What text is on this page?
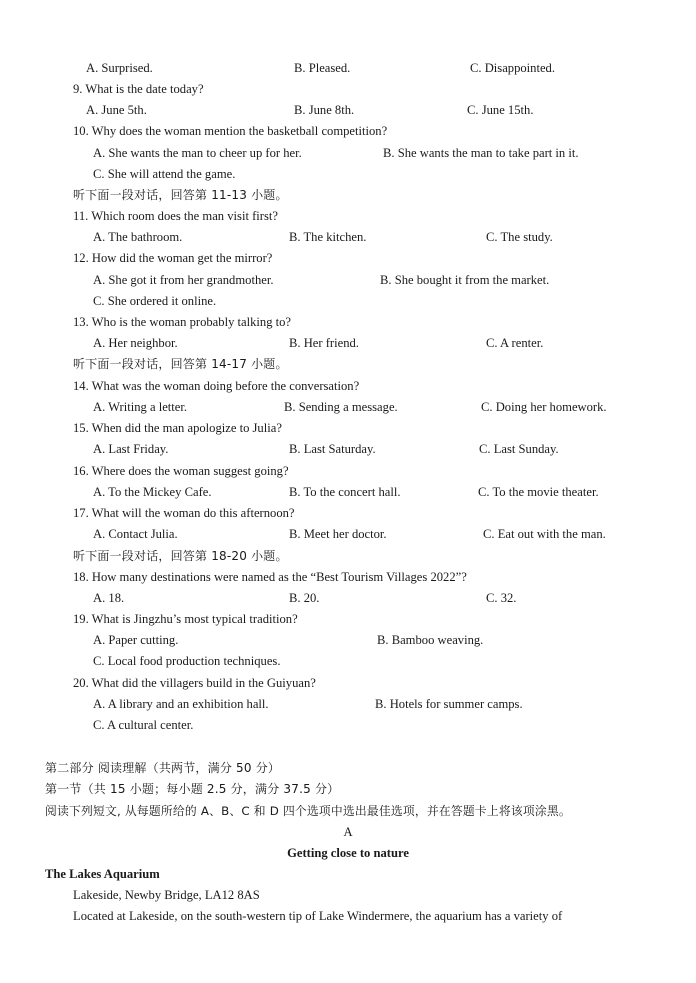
A. Surprised.	B. Pleased.	C. Disappointed.
9. What is the date today?
A. June 5th.	B. June 8th.	C. June 15th.
10. Why does the woman mention the basketball competition?
A. She wants the man to cheer up for her.	B. She wants the man to take part in it.
C. She will attend the game.
听下面一段对话，回答第 11-13 小题。
11. Which room does the man visit first?
A. The bathroom.	B. The kitchen.	C. The study.
12. How did the woman get the mirror?
A. She got it from her grandmother.	B. She bought it from the market.
C. She ordered it online.
13. Who is the woman probably talking to?
A. Her neighbor.	B. Her friend.	C. A renter.
听下面一段对话，回答第 14-17 小题。
14. What was the woman doing before the conversation?
A. Writing a letter.	B. Sending a message.	C. Doing her homework.
15. When did the man apologize to Julia?
A. Last Friday.	B. Last Saturday.	C. Last Sunday.
16. Where does the woman suggest going?
A. To the Mickey Cafe.	B. To the concert hall.	C. To the movie theater.
17. What will the woman do this afternoon?
A. Contact Julia.	B. Meet her doctor.	C. Eat out with the man.
听下面一段对话，回答第 18-20 小题。
18. How many destinations were named as the “Best Tourism Villages 2022”?
A. 18.	B. 20.	C. 32.
19. What is Jingzhu’s most typical tradition?
A. Paper cutting.	B. Bamboo weaving.
C. Local food production techniques.
20. What did the villagers build in the Guiyuan?
A. A library and an exhibition hall.	B. Hotels for summer camps.
C. A cultural center.
第二部分 阅读理解（共两节，满分 50 分）
第一节（共 15 小题；每小题 2.5 分，满分 37.5 分）
阅读下列短文, 从每题所给的 A、B、C 和 D 四个选项中选出最佳选项，并在答题卡上将该项涂黑。
A
Getting close to nature
The Lakes Aquarium
Lakeside, Newby Bridge, LA12 8AS
Located at Lakeside, on the south-western tip of Lake Windermere, the aquarium has a variety of
